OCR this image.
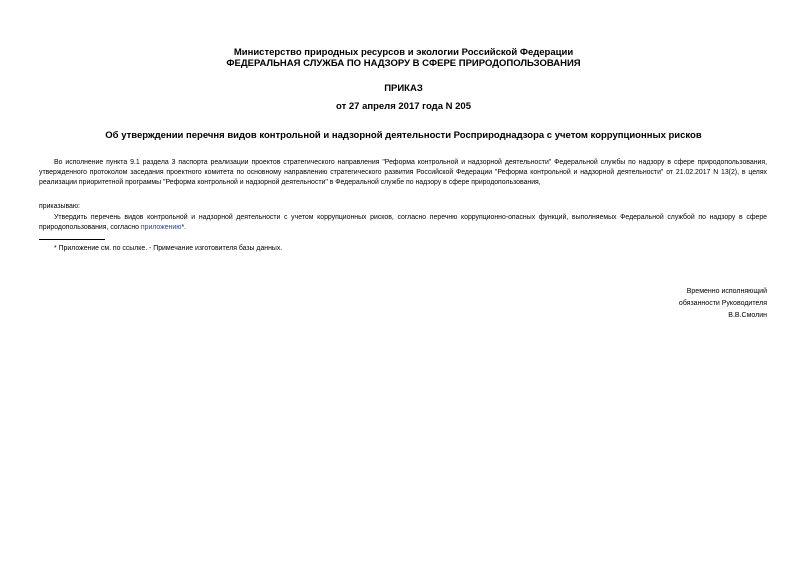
Министерство природных ресурсов и экологии Российской Федерации
ФЕДЕРАЛЬНАЯ СЛУЖБА ПО НАДЗОРУ В СФЕРЕ ПРИРОДОПОЛЬЗОВАНИЯ
ПРИКАЗ
от 27 апреля 2017 года N 205
Об утверждении перечня видов контрольной и надзорной деятельности Росприроднадзора с учетом коррупционных рисков
Во исполнение пункта 9.1 раздела 3 паспорта реализации проектов стратегического направления "Реформа контрольной и надзорной деятельности" Федеральной службы по надзору в сфере природопользования, утвержденного протоколом заседания проектного комитета по основному направлению стратегического развития Российской Федерации "Реформа контрольной и надзорной деятельности" от 21.02.2017 N 13(2), в целях реализации приоритетной программы "Реформа контрольной и надзорной деятельности" в Федеральной службе по надзору в сфере природопользования,
приказываю:
Утвердить перечень видов контрольной и надзорной деятельности с учетом коррупционных рисков, согласно перечню коррупционно-опасных функций, выполняемых Федеральной службой по надзору в сфере природопользования, согласно приложению*.
* Приложение см. по ссылке. - Примечание изготовителя базы данных.
Временно исполняющий
обязанности Руководителя
В.В.Смолин
